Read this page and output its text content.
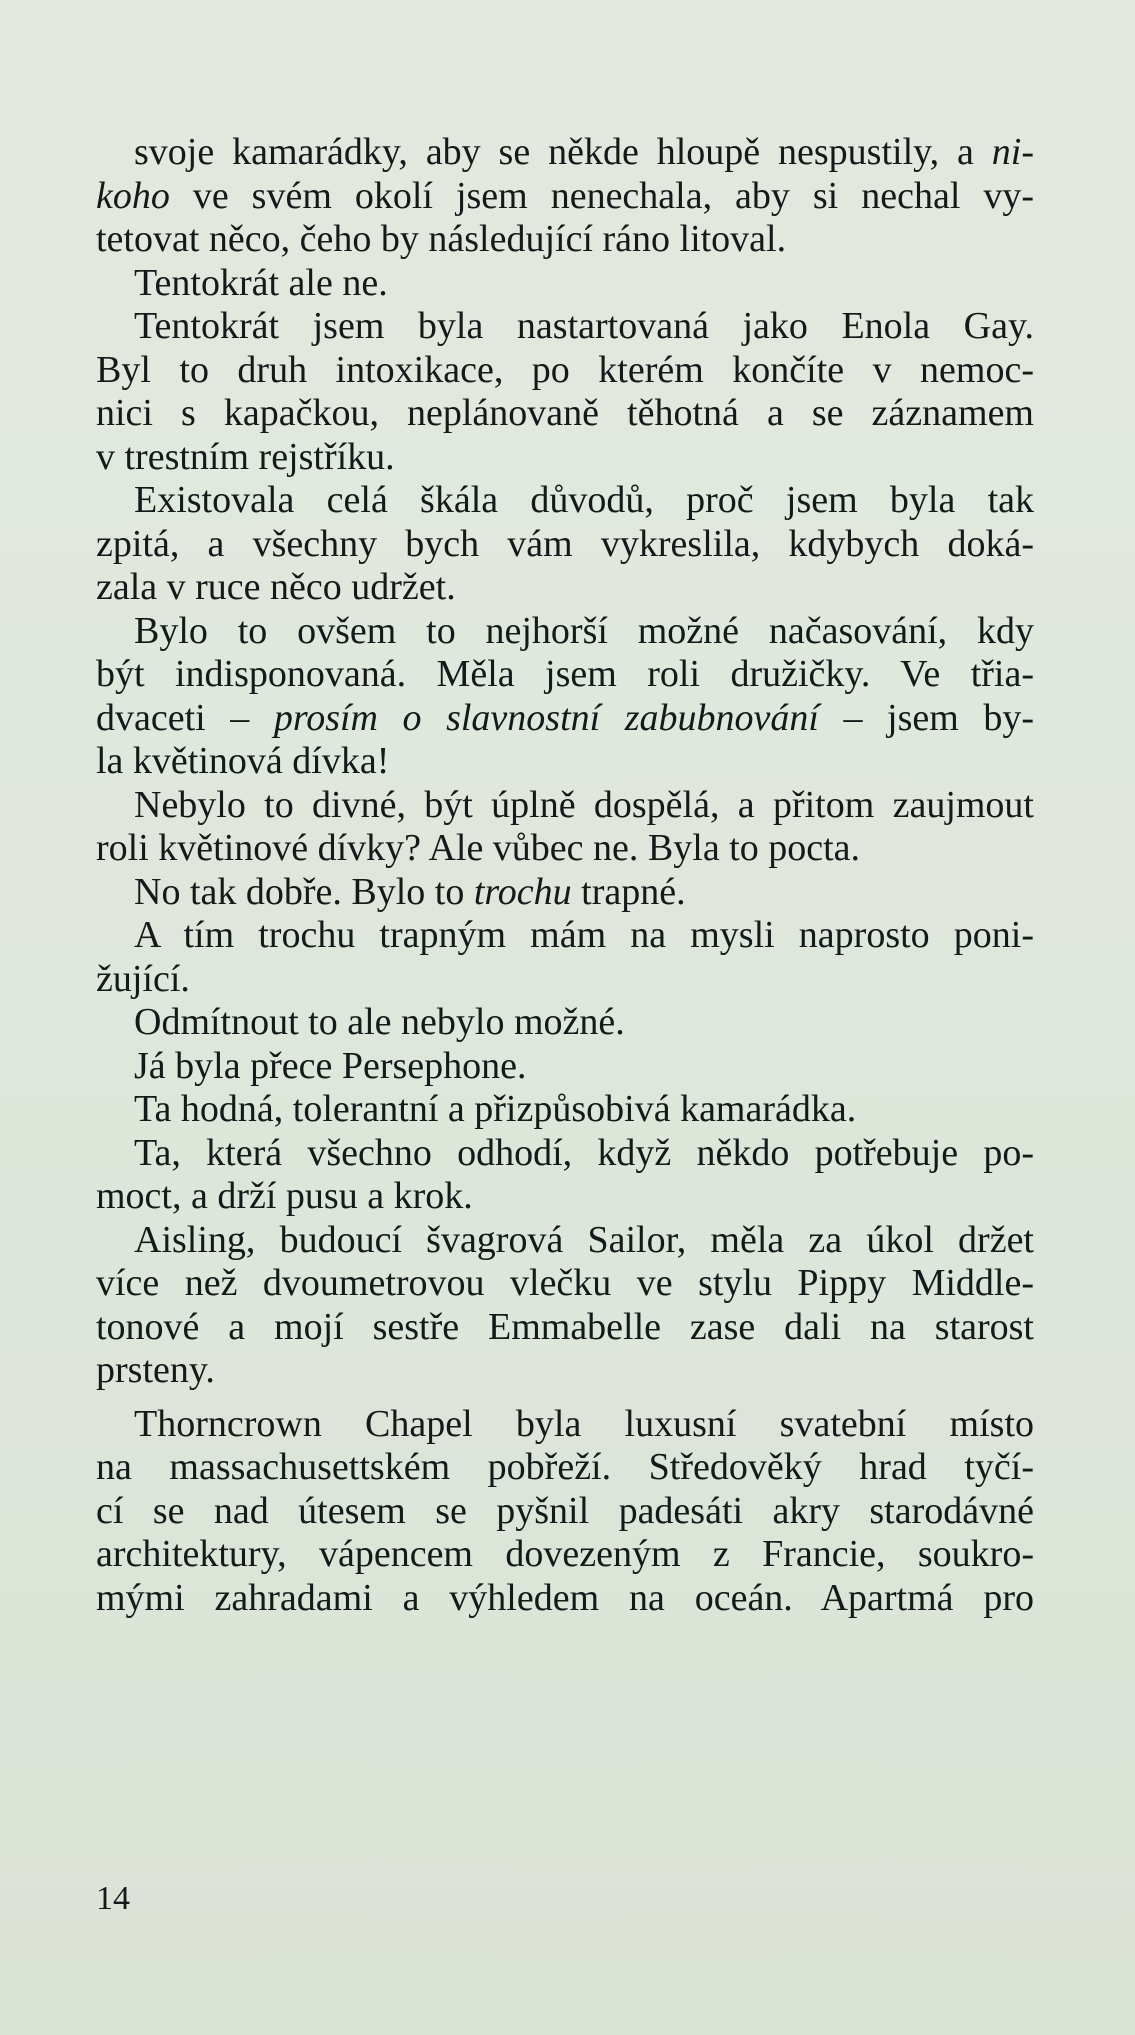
svoje kamarádky, aby se někde hloupě nespustily, a ni-
koho ve svém okolí jsem nenechala, aby si nechal vy-
tetovat něco, čeho by následující ráno litoval.
Tentokrát ale ne.
Tentokrát jsem byla nastartovaná jako Enola Gay.
Byl to druh intoxikace, po kterém končíte v nemoc-
nici s kapačkou, neplánovaně těhotná a se záznamem
v trestním rejstříku.
Existovala celá škála důvodů, proč jsem byla tak
zpitá, a všechny bych vám vykreslila, kdybych doká-
zala v ruce něco udržet.
Bylo to ovšem to nejhorší možné načasování, kdy
být indisponovaná. Měla jsem roli družičky. Ve třia-
dvaceti – prosím o slavnostní zabubnování – jsem by-
la květinová dívka!
Nebylo to divné, být úplně dospělá, a přitom zaujmout
roli květinové dívky? Ale vůbec ne. Byla to pocta.
No tak dobře. Bylo to trochu trapné.
A tím trochu trapným mám na mysli naprosto poni-
žující.
Odmítnout to ale nebylo možné.
Já byla přece Persephone.
Ta hodná, tolerantní a přizpůsobivá kamarádka.
Ta, která všechno odhodí, když někdo potřebuje po-
moct, a drží pusu a krok.
Aisling, budoucí švagrová Sailor, měla za úkol držet
více než dvoumetrovou vlečku ve stylu Pippy Middle-
tonové a mojí sestře Emmabelle zase dali na starost
prsteny.
Thorncrown Chapel byla luxusní svatební místo
na massachusettském pobřeží. Středověký hrad tyčí-
cí se nad útesem se pyšnil padesáti akry starodávné
architektury, vápencem dovezeným z Francie, soukro-
mými zahradami a výhledem na oceán. Apartmá pro
14
